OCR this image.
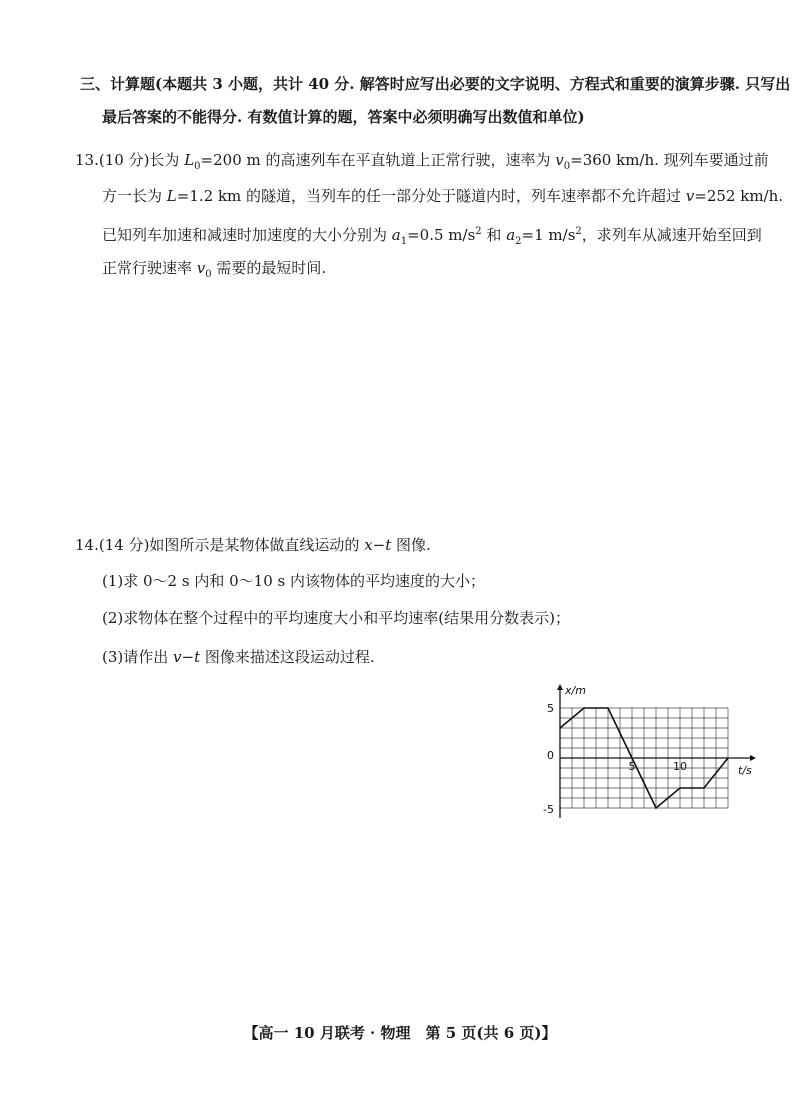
三、计算题(本题共 3 小题，共计 40 分. 解答时应写出必要的文字说明、方程式和重要的演算步骤. 只写出
最后答案的不能得分. 有数值计算的题，答案中必须明确写出数值和单位)
13.(10 分)长为 $L_0=200$ m 的高速列车在平直轨道上正常行驶，速率为 $v_0=360$ km/h. 现列车要通过前
方一长为 L=1.2 km 的隧道，当列车的任一部分处于隧道内时，列车速率都不允许超过 v=252 km/h.
已知列车加速和减速时加速度的大小分别为 $a_1=0.5$ $m/s^2$ 和 $a_2=1$ $m/s^2$，求列车从减速开始至回到
正常行驶速率 $v_0$ 需要的最短时间.
14.(14 分)如图所示是某物体做直线运动的 x−t 图像.
(1)求 0～2 s 内和 0～10 s 内该物体的平均速度的大小；
(2)求物体在整个过程中的平均速度大小和平均速率(结果用分数表示)；
(3)请作出 v−t 图像来描述这段运动过程.
x/m
t/s
5
0
-5
5	10
【高一 10 月联考 · 物理　第 5 页(共 6 页)】
